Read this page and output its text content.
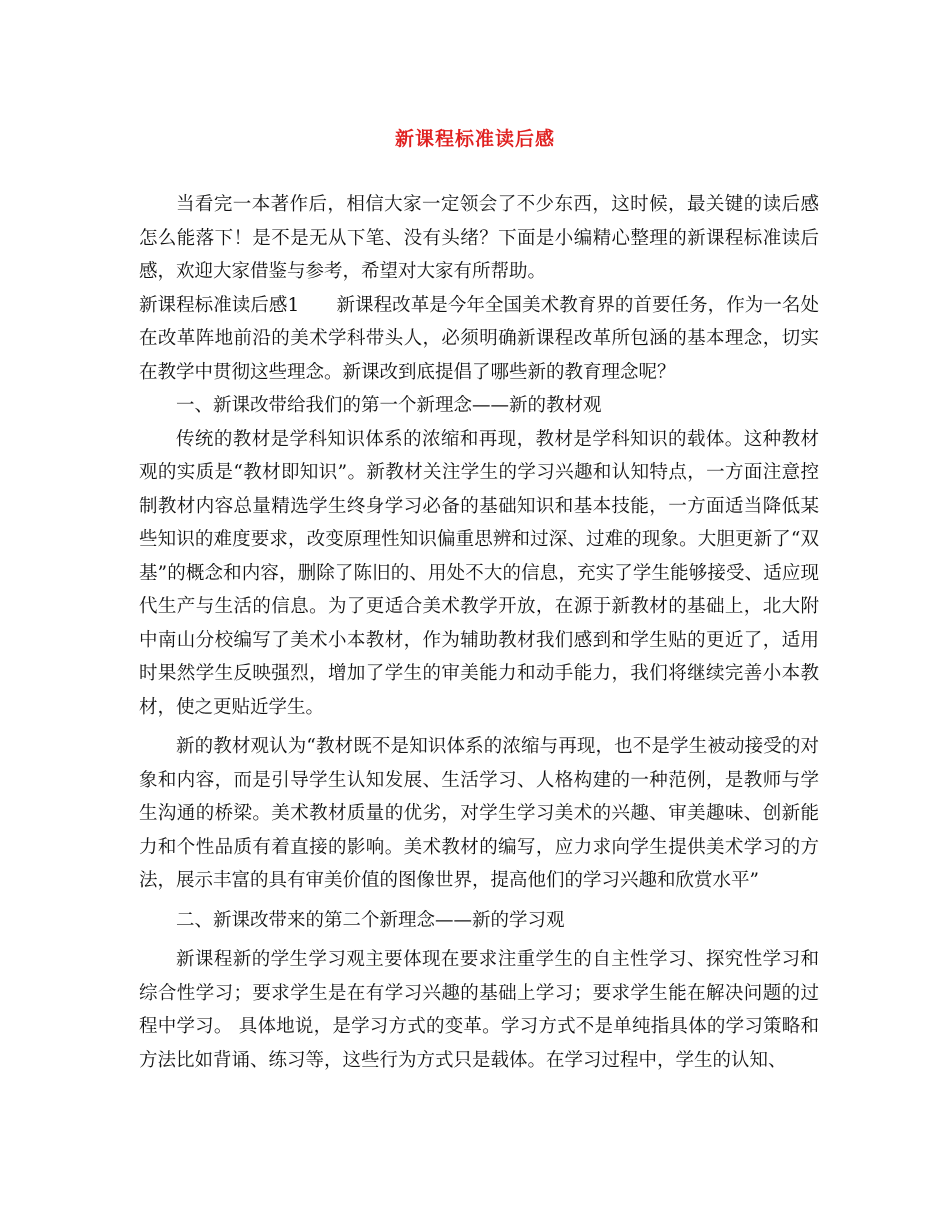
新课程标准读后感

当看完一本著作后，相信大家一定领会了不少东西，这时候，最关键的读后感怎么能落下！是不是无从下笔、没有头绪？下面是小编精心整理的新课程标准读后感，欢迎大家借鉴与参考，希望对大家有所帮助。

新课程标准读后感1　　新课程改革是今年全国美术教育界的首要任务，作为一名处在改革阵地前沿的美术学科带头人，必须明确新课程改革所包涵的基本理念，切实在教学中贯彻这些理念。新课改到底提倡了哪些新的教育理念呢？

一、新课改带给我们的第一个新理念——新的教材观

传统的教材是学科知识体系的浓缩和再现，教材是学科知识的载体。这种教材观的实质是“教材即知识”。新教材关注学生的学习兴趣和认知特点，一方面注意控制教材内容总量精选学生终身学习必备的基础知识和基本技能，一方面适当降低某些知识的难度要求，改变原理性知识偏重思辨和过深、过难的现象。大胆更新了“双基”的概念和内容，删除了陈旧的、用处不大的信息，充实了学生能够接受、适应现代生产与生活的信息。为了更适合美术教学开放，在源于新教材的基础上，北大附中南山分校编写了美术小本教材，作为辅助教材我们感到和学生贴的更近了，适用时果然学生反映强烈，增加了学生的审美能力和动手能力，我们将继续完善小本教材，使之更贴近学生。

新的教材观认为“教材既不是知识体系的浓缩与再现，也不是学生被动接受的对象和内容，而是引导学生认知发展、生活学习、人格构建的一种范例，是教师与学生沟通的桥梁。美术教材质量的优劣，对学生学习美术的兴趣、审美趣味、创新能力和个性品质有着直接的影响。美术教材的编写，应力求向学生提供美术学习的方法，展示丰富的具有审美价值的图像世界，提高他们的学习兴趣和欣赏水平”

二、新课改带来的第二个新理念——新的学习观

新课程新的学生学习观主要体现在要求注重学生的自主性学习、探究性学习和综合性学习；要求学生是在有学习兴趣的基础上学习；要求学生能在解决问题的过程中学习。 具体地说，是学习方式的变革。学习方式不是单纯指具体的学习策略和方法比如背诵、练习等，这些行为方式只是载体。在学习过程中，学生的认知、
